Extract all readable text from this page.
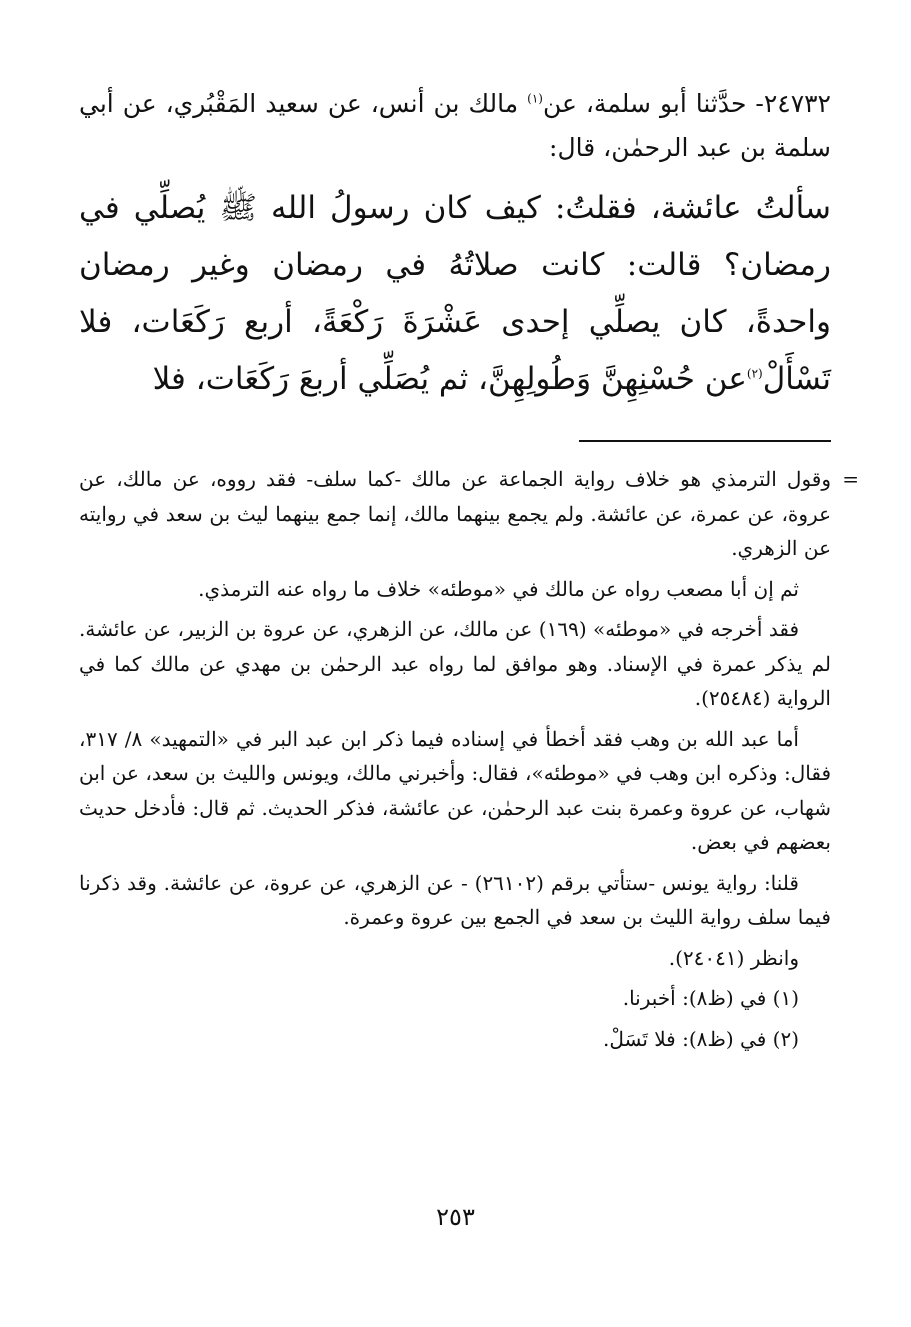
٢٤٧٣٢- حدَّثنا أبو سلمة، عن$^{(١)}$ مالك بن أنس، عن سعيد المَقْبُري، عن أبي سلمة بن عبد الرحمٰن، قال:

سألتُ عائشة، فقلتُ: كيف كان رسولُ الله ﷺ يُصلِّي في رمضان؟ قالت: كانت صلاتُهُ في رمضان وغير رمضان واحدةً، كان يصلِّي إحدى عَشْرَةَ رَكْعَةً، أربع رَكَعَات، فلا تَسْأَلْ$^{(٢)}$عن حُسْنِهِنَّ وَطُولِهِنَّ، ثم يُصَلِّي أربعَ رَكَعَات، فلا

=
وقول الترمذي هو خلاف رواية الجماعة عن مالك -كما سلف- فقد رووه، عن مالك، عن عروة، عن عمرة، عن عائشة. ولم يجمع بينهما مالك، إنما جمع بينهما ليث بن سعد في روايته عن الزهري.

ثم إن أبا مصعب رواه عن مالك في «موطئه» خلاف ما رواه عنه الترمذي.

فقد أخرجه في «موطئه» (١٦٩) عن مالك، عن الزهري، عن عروة بن الزبير، عن عائشة. لم يذكر عمرة في الإسناد. وهو موافق لما رواه عبد الرحمٰن بن مهدي عن مالك كما في الرواية (٢٥٤٨٤).

أما عبد الله بن وهب فقد أخطأ في إسناده فيما ذكر ابن عبد البر في «التمهيد» ٨/ ٣١٧، فقال: وذكره ابن وهب في «موطئه»، فقال: وأخبرني مالك، ويونس والليث بن سعد، عن ابن شهاب، عن عروة وعمرة بنت عبد الرحمٰن، عن عائشة، فذكر الحديث. ثم قال: فأدخل حديث بعضهم في بعض.

قلنا: رواية يونس -ستأتي برقم (٢٦١٠٢) - عن الزهري، عن عروة، عن عائشة. وقد ذكرنا فيما سلف رواية الليث بن سعد في الجمع بين عروة وعمرة.

وانظر (٢٤٠٤١).

(١) في (ظ٨): أخبرنا.

(٢) في (ظ٨): فلا تَسَلْ.

٢٥٣
